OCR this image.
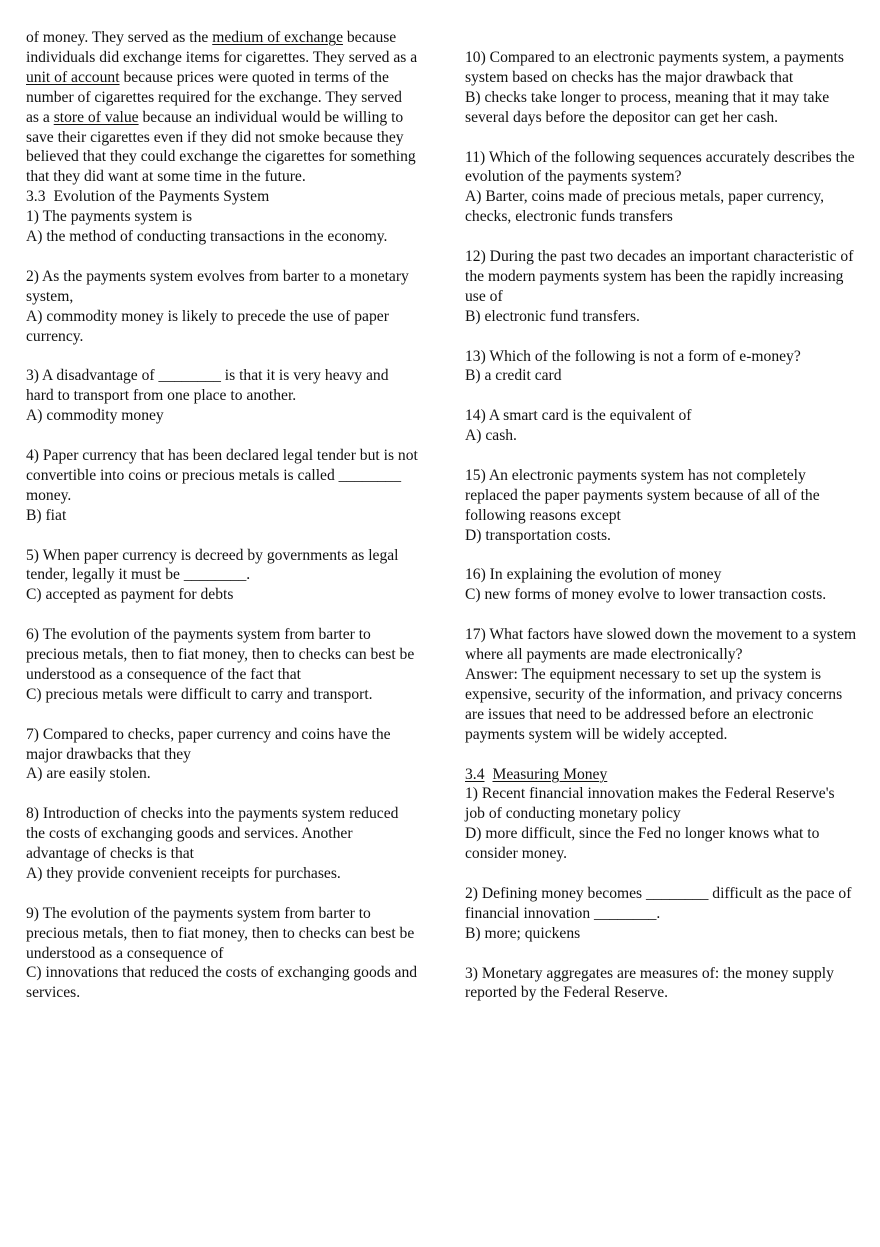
of money. They served as the medium of exchange because individuals did exchange items for cigarettes. They served as a unit of account because prices were quoted in terms of the number of cigarettes required for the exchange. They served as a store of value because an individual would be willing to save their cigarettes even if they did not smoke because they believed that they could exchange the cigarettes for something that they did want at some time in the future.

3.3 Evolution of the Payments System

1) The payments system is

A) the method of conducting transactions in the economy.

2) As the payments system evolves from barter to a monetary system,

A) commodity money is likely to precede the use of paper currency.

3) A disadvantage of ________ is that it is very heavy and hard to transport from one place to another.

A) commodity money

4) Paper currency that has been declared legal tender but is not convertible into coins or precious metals is called ________ money.

B) fiat

5) When paper currency is decreed by governments as legal tender, legally it must be ________.

C) accepted as payment for debts

6) The evolution of the payments system from barter to precious metals, then to fiat money, then to checks can best be understood as a consequence of the fact that

C) precious metals were difficult to carry and transport.

7) Compared to checks, paper currency and coins have the major drawbacks that they

A) are easily stolen.

8) Introduction of checks into the payments system reduced the costs of exchanging goods and services. Another advantage of checks is that

A) they provide convenient receipts for purchases.

9) The evolution of the payments system from barter to precious metals, then to fiat money, then to checks can best be understood as a consequence of

C) innovations that reduced the costs of exchanging goods and services.

10) Compared to an electronic payments system, a payments system based on checks has the major drawback that

B) checks take longer to process, meaning that it may take several days before the depositor can get her cash.

11) Which of the following sequences accurately describes the evolution of the payments system?

A) Barter, coins made of precious metals, paper currency, checks, electronic funds transfers

12) During the past two decades an important characteristic of the modern payments system has been the rapidly increasing use of

B) electronic fund transfers.

13) Which of the following is not a form of e-money?

B) a credit card

14) A smart card is the equivalent of

A) cash.

15) An electronic payments system has not completely replaced the paper payments system because of all of the following reasons except

D) transportation costs.

16) In explaining the evolution of money

C) new forms of money evolve to lower transaction costs.

17) What factors have slowed down the movement to a system where all payments are made electronically?

Answer: The equipment necessary to set up the system is expensive, security of the information, and privacy concerns are issues that need to be addressed before an electronic payments system will be widely accepted.

3.4 Measuring Money

1) Recent financial innovation makes the Federal Reserve's job of conducting monetary policy

D) more difficult, since the Fed no longer knows what to consider money.

2) Defining money becomes ________ difficult as the pace of financial innovation ________.

B) more; quickens

3) Monetary aggregates are measures of: the money supply reported by the Federal Reserve.
